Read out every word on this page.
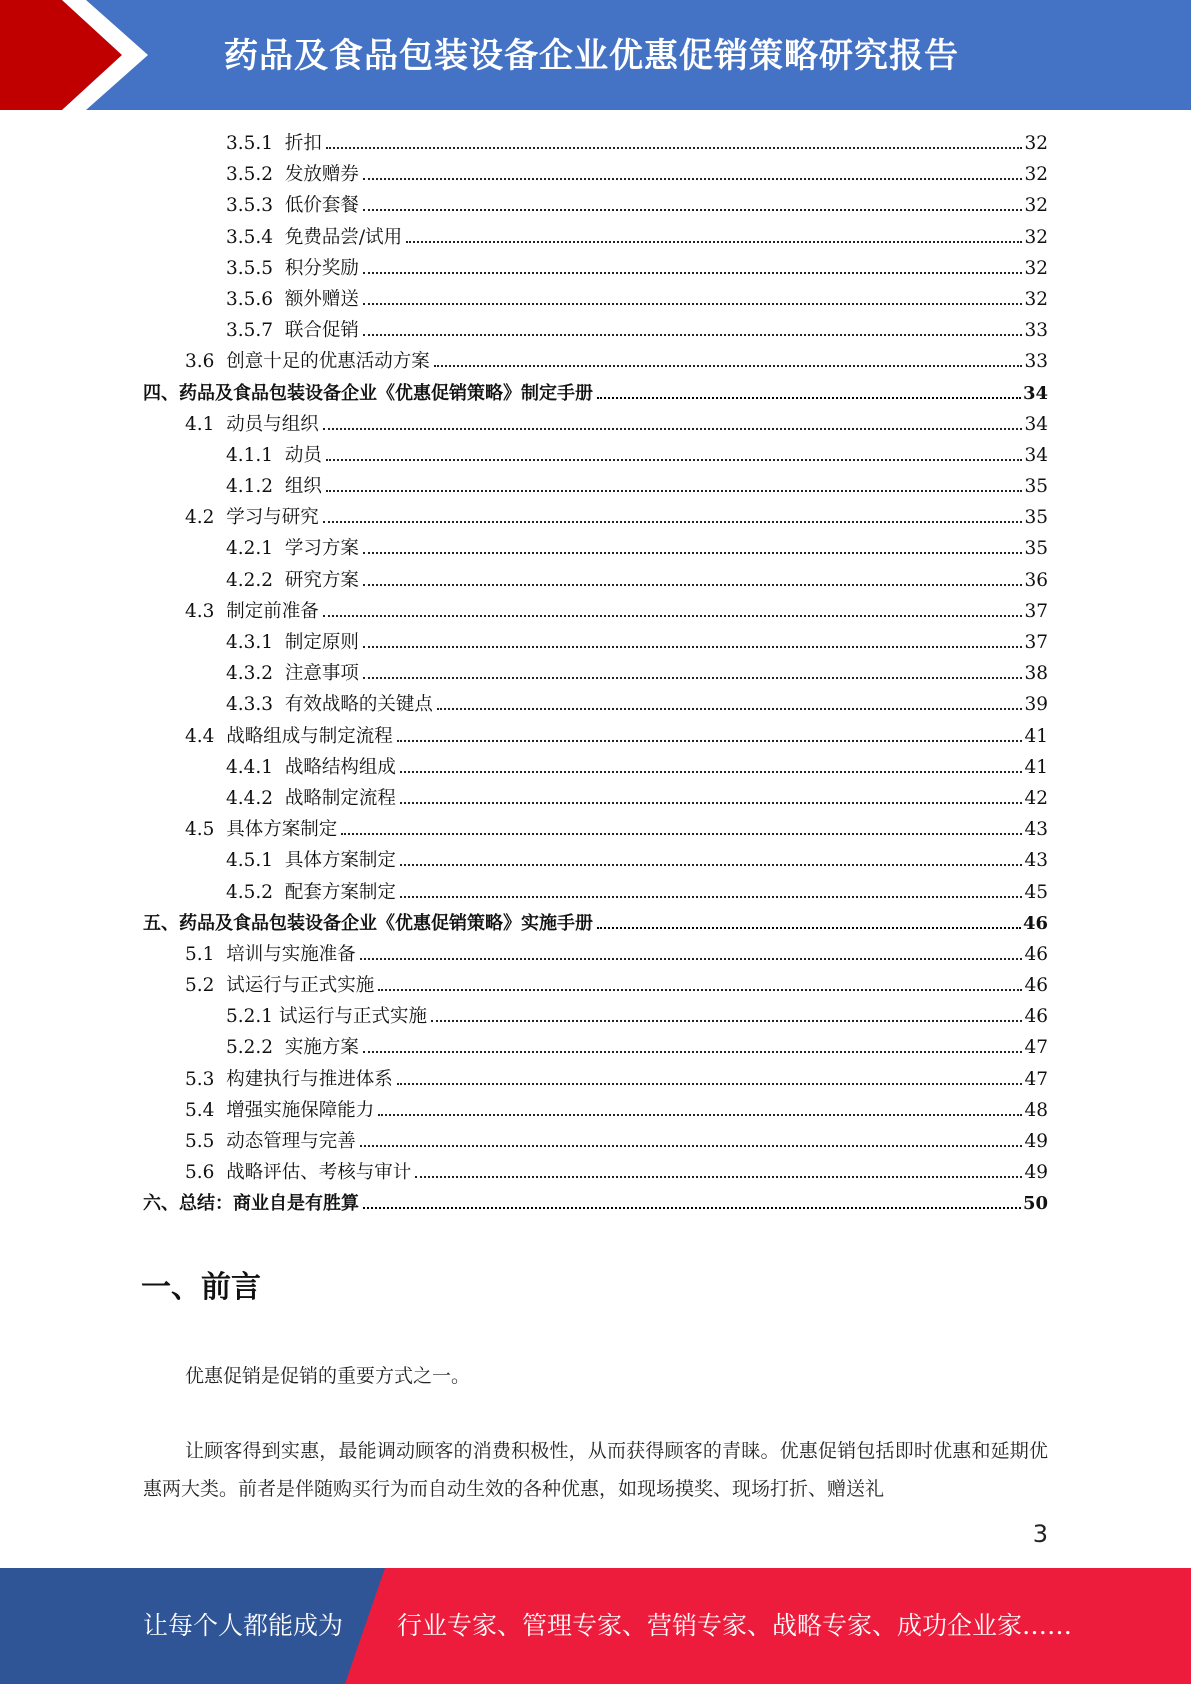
药品及食品包装设备企业优惠促销策略研究报告
3.5.1 折扣	32
3.5.2 发放赠券	32
3.5.3 低价套餐	32
3.5.4 免费品尝/试用	32
3.5.5 积分奖励	32
3.5.6 额外赠送	32
3.5.7 联合促销	33
3.6 创意十足的优惠活动方案	33
四、药品及食品包装设备企业《优惠促销策略》制定手册	34
4.1 动员与组织	34
4.1.1 动员	34
4.1.2 组织	35
4.2 学习与研究	35
4.2.1 学习方案	35
4.2.2 研究方案	36
4.3 制定前准备	37
4.3.1 制定原则	37
4.3.2 注意事项	38
4.3.3 有效战略的关键点	39
4.4 战略组成与制定流程	41
4.4.1 战略结构组成	41
4.4.2 战略制定流程	42
4.5 具体方案制定	43
4.5.1 具体方案制定	43
4.5.2 配套方案制定	45
五、药品及食品包装设备企业《优惠促销策略》实施手册	46
5.1 培训与实施准备	46
5.2 试运行与正式实施	46
5.2.1 试运行与正式实施	46
5.2.2 实施方案	47
5.3 构建执行与推进体系	47
5.4 增强实施保障能力	48
5.5 动态管理与完善	49
5.6 战略评估、考核与审计	49
六、总结：商业自是有胜算	50
一、前言

优惠促销是促销的重要方式之一。

让顾客得到实惠，最能调动顾客的消费积极性，从而获得顾客的青睐。优惠促销包括即时优惠和延期优惠两大类。前者是伴随购买行为而自动生效的各种优惠，如现场摸奖、现场打折、赠送礼

3
让每个人都能成为 行业专家、管理专家、营销专家、战略专家、成功企业家……
